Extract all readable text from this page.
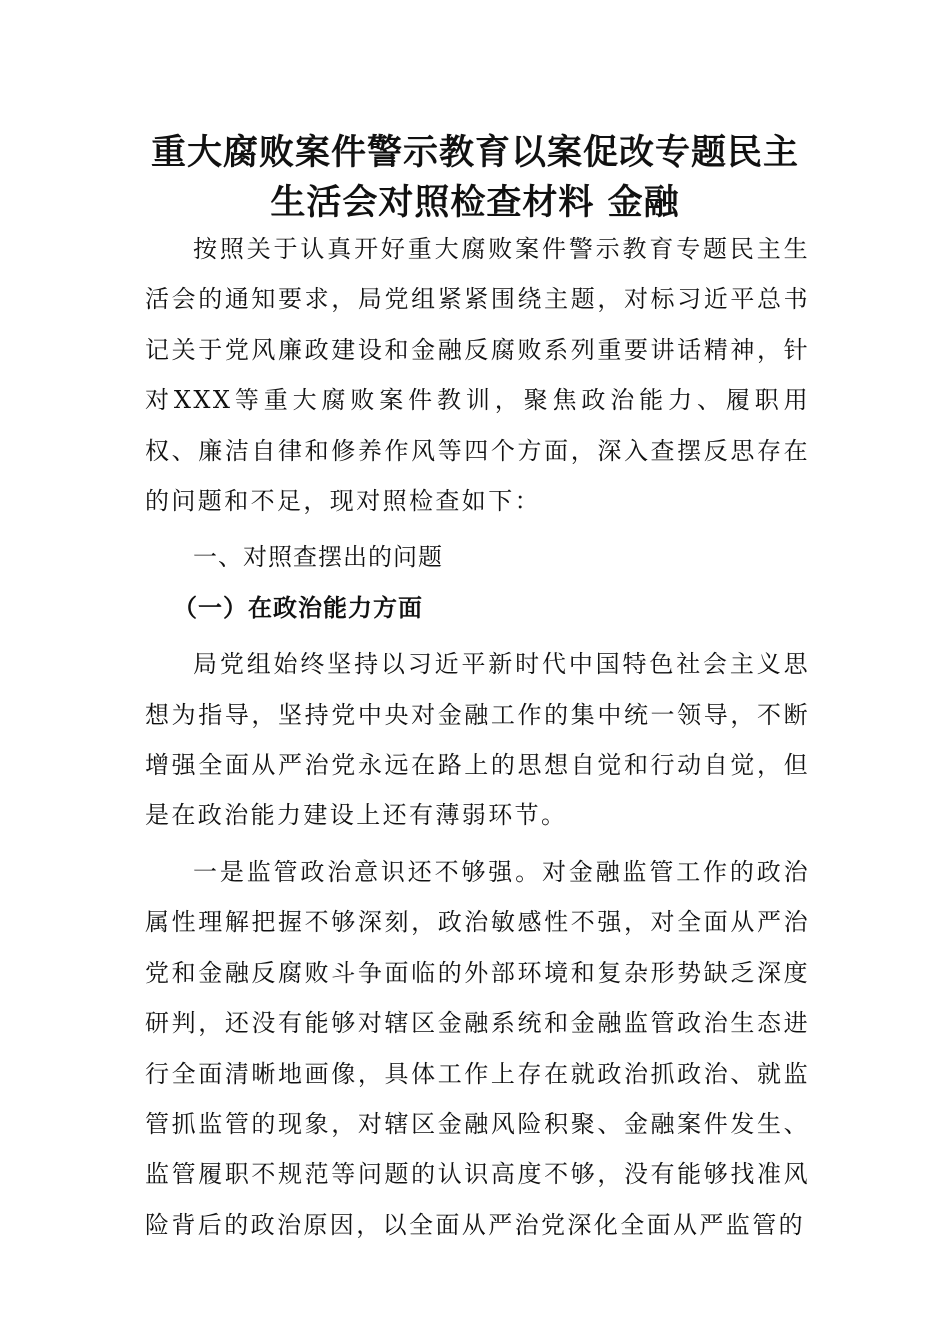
重大腐败案件警示教育以案促改专题民主
生活会对照检查材料 金融

按照关于认真开好重大腐败案件警示教育专题民主生活会的通知要求，局党组紧紧围绕主题，对标习近平总书记关于党风廉政建设和金融反腐败系列重要讲话精神，针对XXX等重大腐败案件教训，聚焦政治能力、履职用权、廉洁自律和修养作风等四个方面，深入查摆反思存在的问题和不足，现对照检查如下：

一、对照查摆出的问题

（一）在政治能力方面

局党组始终坚持以习近平新时代中国特色社会主义思想为指导，坚持党中央对金融工作的集中统一领导，不断增强全面从严治党永远在路上的思想自觉和行动自觉，但是在政治能力建设上还有薄弱环节。

一是监管政治意识还不够强。对金融监管工作的政治属性理解把握不够深刻，政治敏感性不强，对全面从严治党和金融反腐败斗争面临的外部环境和复杂形势缺乏深度研判，还没有能够对辖区金融系统和金融监管政治生态进行全面清晰地画像，具体工作上存在就政治抓政治、就监管抓监管的现象，对辖区金融风险积聚、金融案件发生、监管履职不规范等问题的认识高度不够，没有能够找准风险背后的政治原因，以全面从严治党深化全面从严监管的
